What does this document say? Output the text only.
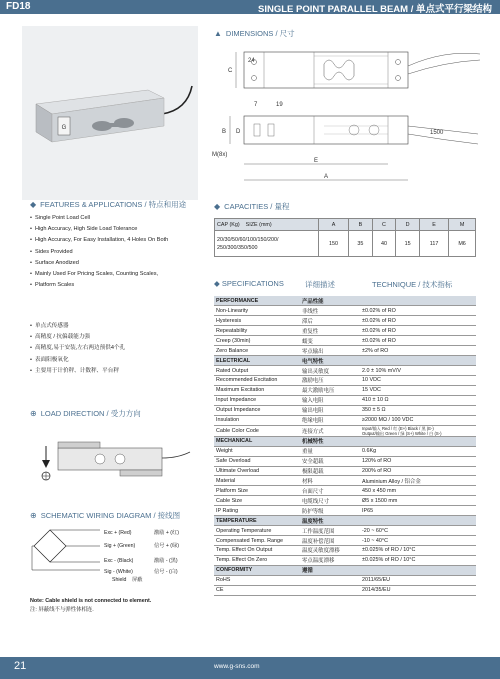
FD18	SINGLE POINT PARALLEL BEAM / 单点式平行梁结构
G
▲ DIMENSIONS / 尺寸
C
24
7	19
1500
B D
M(8x)
E
A
◆ FEATURES & APPLICATIONS / 特点和用途
• Single Point Load Cell
• High Accuracy, High Side Load Tolerance
• High Accuracy, For Easy Installation, 4 Holes On Both
• Sides Provided
• Surface Anodized
• Mainly Used For Pricing Scales, Counting Scales,
• Platform Scales
• 单点式传感器
• 高精度 / 抗偏载能力强
• 高精度,易于安装,左右两边预供4个孔
• 表面阳极氧化
• 主要用于计价秤、计数秤、平台秤
⊕ LOAD DIRECTION / 受力方向
⊕ SCHEMATIC WIRING DIAGRAM / 接线图
Exc + (Red)	激励 + (红)
Sig + (Green)	信号 + (绿)
Exc - (Black)	激励 - (黑)
Sig - (White)	信号 - (白)
Shield 屏蔽
Note: Cable shield is not connected to element.
注: 屏蔽线不与弹性体相连.
◆ CAPACITIES / 量程
CAP (Kg) SIZE (mm)	A	B	C	D	E	M

20/30/50/60/100/150/200/
250/300/350/500	150	35	40	15	117	M6
◆ SPECIFICATIONS	详细描述	TECHNIQUE / 技术指标
PERFORMANCE	产品性能	
Non-Linearity	非线性	±0.02% of RO
Hysteresis	滞后	±0.02% of RO
Repeatability	重复性	±0.02% of RO
Creep (30min)	蠕变	±0.02% of RO
Zero Balance	零点输出	±2% of RO
ELECTRICAL	电气特性	
Rated Output	输出灵敏度	2.0 ± 10% mV/V
Recommended Excitation	激励电压	10 VDC
Maximum Excitation	最大激励电压	15 VDC
Input Impedance	输入电阻	410 ± 10 Ω
Output Impedance	输出电阻	350 ± 5 Ω
Insulation	绝缘电阻	≥2000 MΩ / 100 VDC
Cable Color Code	连接方式	Input/输入 Red / 红 (E+) Black / 黑 (E-)
Output/输出 Green / 绿 (S+) White / 白 (S-)

MECHANICAL	机械特性	
Weight	重量	0.6Kg
Safe Overload	安全超载	120% of RO
Ultimate Overload	极限超载	200% of RO
Material	材料	Aluminium Alloy / 铝合金
Platform Size	台面尺寸	450 x 450 mm
Cable Size	电缆线尺寸	Ø5 x 1500 mm
IP Rating	防护等级	IP65
TEMPERATURE	温度特性	
Operating Temperature	工作温度范围	-20 ~ 60°C
Compensated Temp. Range	温度补偿范围	-10 ~ 40°C
Temp. Effect On Output	温度灵敏度漂移	±0.025% of RO / 10°C
Temp. Effect On Zero	零点温度漂移	±0.025% of RO / 10°C
CONFORMITY	遵循	
RoHS		2011/65/EU
CE		2014/35/EU
21	www.g-sns.com
